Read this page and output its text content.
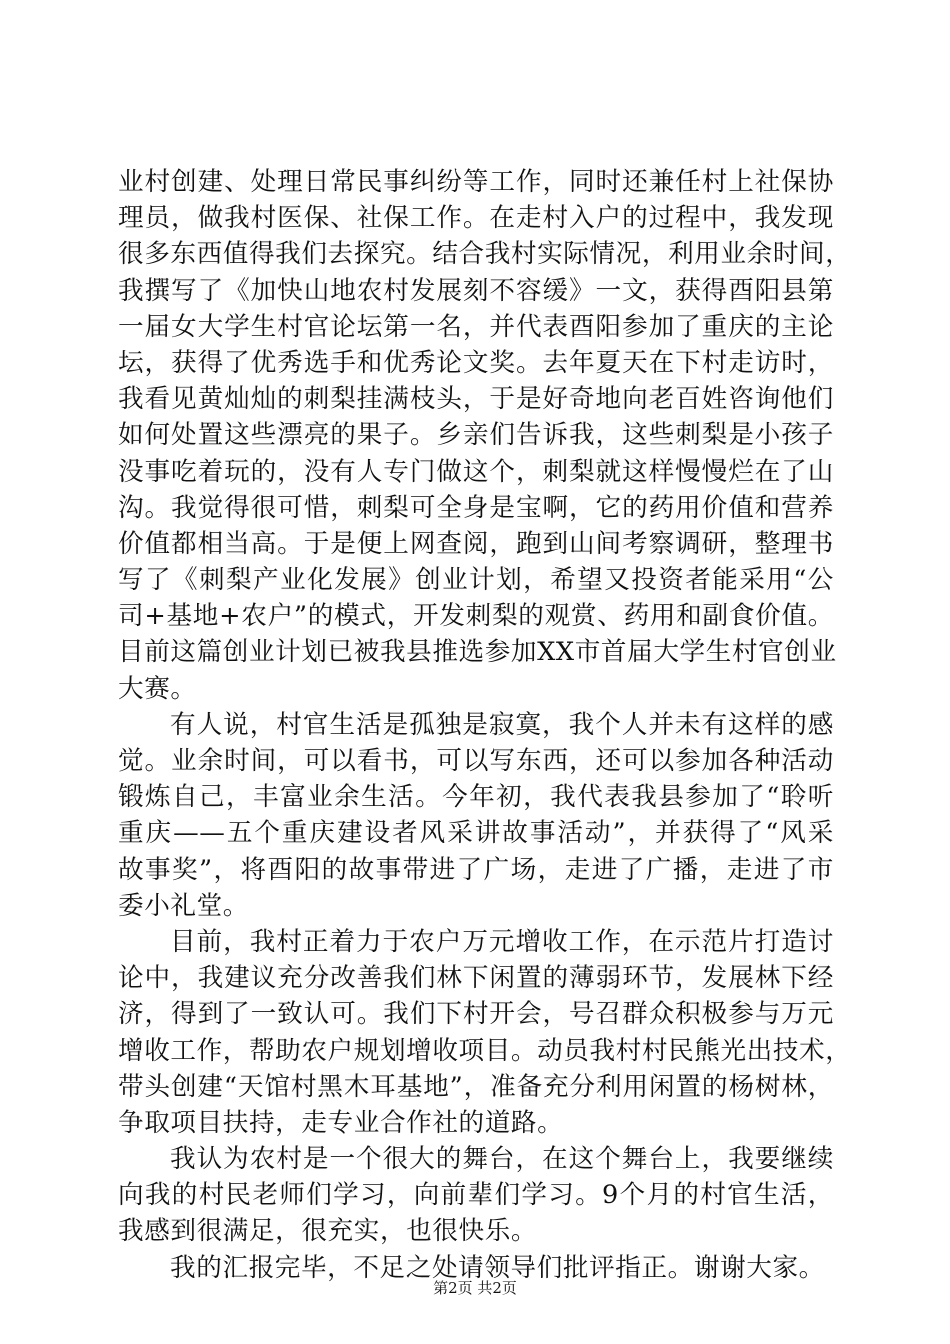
业村创建、处理日常民事纠纷等工作，同时还兼任村上社保协
理员，做我村医保、社保工作。在走村入户的过程中，我发现
很多东西值得我们去探究。结合我村实际情况，利用业余时间，
我撰写了《加快山地农村发展刻不容缓》一文，获得酉阳县第
一届女大学生村官论坛第一名，并代表酉阳参加了重庆的主论
坛，获得了优秀选手和优秀论文奖。去年夏天在下村走访时，
我看见黄灿灿的刺梨挂满枝头，于是好奇地向老百姓咨询他们
如何处置这些漂亮的果子。乡亲们告诉我，这些刺梨是小孩子
没事吃着玩的，没有人专门做这个，刺梨就这样慢慢烂在了山
沟。我觉得很可惜，刺梨可全身是宝啊，它的药用价值和营养
价值都相当高。于是便上网查阅，跑到山间考察调研，整理书
写了《刺梨产业化发展》创业计划，希望又投资者能采用“公
司+基地+农户”的模式，开发刺梨的观赏、药用和副食价值。
目前这篇创业计划已被我县推选参加XX市首届大学生村官创业
大赛。
有人说，村官生活是孤独是寂寞，我个人并未有这样的感
觉。业余时间，可以看书，可以写东西，还可以参加各种活动
锻炼自己，丰富业余生活。今年初，我代表我县参加了“聆听
重庆——五个重庆建设者风采讲故事活动”，并获得了“风采
故事奖”，将酉阳的故事带进了广场，走进了广播，走进了市
委小礼堂。
目前，我村正着力于农户万元增收工作，在示范片打造讨
论中，我建议充分改善我们林下闲置的薄弱环节，发展林下经
济，得到了一致认可。我们下村开会，号召群众积极参与万元
增收工作，帮助农户规划增收项目。动员我村村民熊光出技术，
带头创建“天馆村黑木耳基地”，准备充分利用闲置的杨树林，
争取项目扶持，走专业合作社的道路。
我认为农村是一个很大的舞台，在这个舞台上，我要继续
向我的村民老师们学习，向前辈们学习。9个月的村官生活，
我感到很满足，很充实，也很快乐。
我的汇报完毕，不足之处请领导们批评指正。谢谢大家。
第2页 共2页
